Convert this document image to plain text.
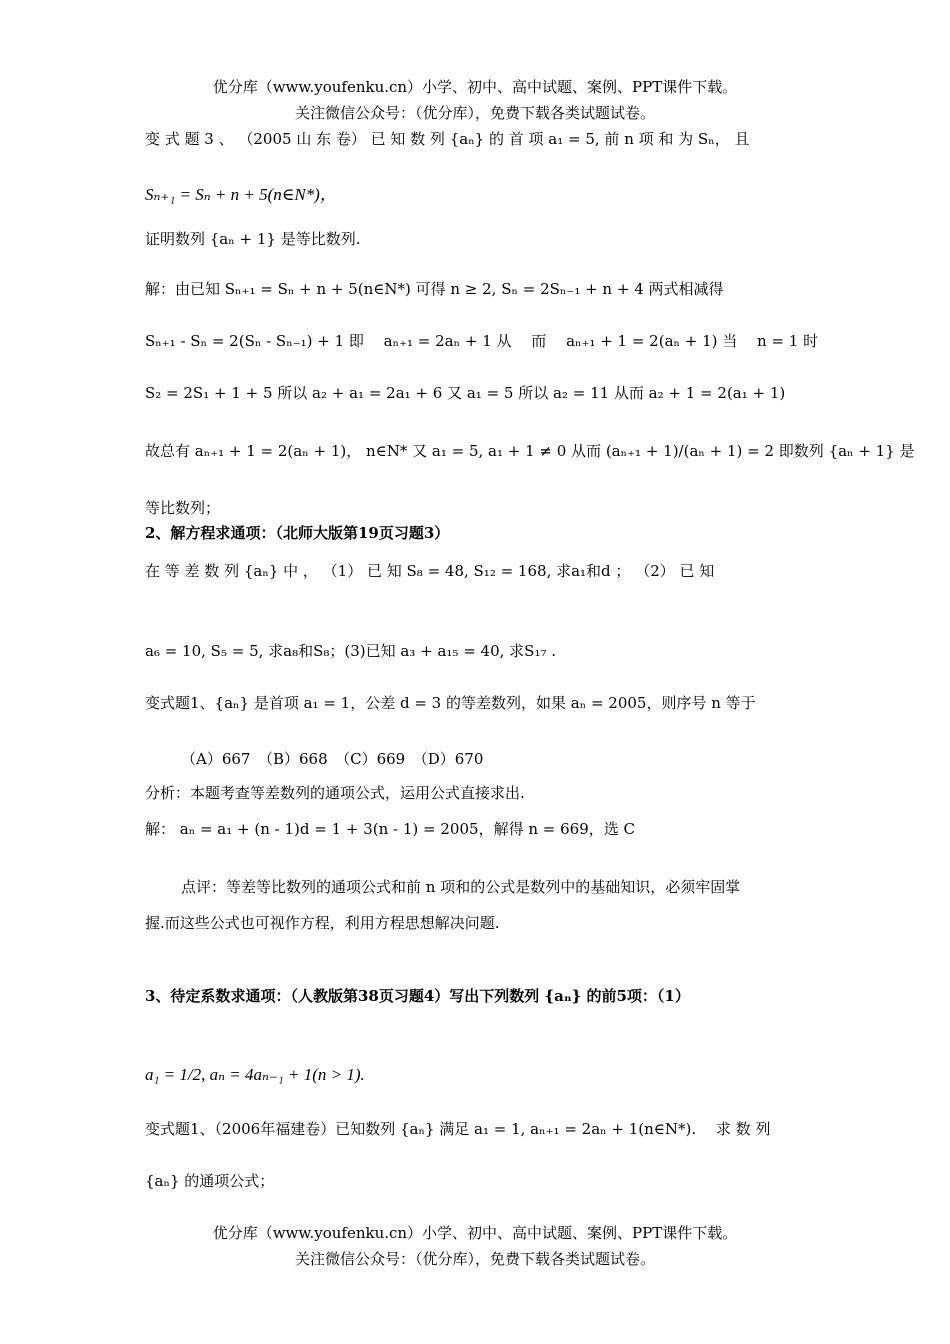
优分库（www.youfenku.cn）小学、初中、高中试题、案例、PPT课件下载。
关注微信公众号：（优分库），免费下载各类试题试卷。
变 式 题 3 、 （2005 山 东 卷） 已 知 数 列 {aₙ} 的 首 项 a₁ = 5, 前 n 项 和 为 Sₙ， 且
Sₙ₊₁ = Sₙ + n + 5(n∈N*)，
证明数列 {aₙ + 1} 是等比数列.
解：由已知 Sₙ₊₁ = Sₙ + n + 5(n∈N*) 可得 n ≥ 2, Sₙ = 2Sₙ₋₁ + n + 4 两式相减得
Sₙ₊₁ - Sₙ = 2(Sₙ - Sₙ₋₁) + 1 即　 aₙ₊₁ = 2aₙ + 1 从　 而　 aₙ₊₁ + 1 = 2(aₙ + 1) 当　 n = 1 时
S₂ = 2S₁ + 1 + 5 所以 a₂ + a₁ = 2a₁ + 6 又 a₁ = 5 所以 a₂ = 11 从而 a₂ + 1 = 2(a₁ + 1)
故总有 aₙ₊₁ + 1 = 2(aₙ + 1)， n∈N* 又 a₁ = 5, a₁ + 1 ≠ 0 从而 (aₙ₊₁ + 1)/(aₙ + 1) = 2 即数列 {aₙ + 1} 是
等比数列；
2、解方程求通项：（北师大版第19页习题3）
在 等 差 数 列 {aₙ} 中 ， （1） 已 知 S₈ = 48, S₁₂ = 168, 求a₁和d ； （2） 已 知
a₆ = 10, S₅ = 5, 求a₈和S₈；(3)已知 a₃ + a₁₅ = 40, 求S₁₇ .
变式题1、{aₙ} 是首项 a₁ = 1，公差 d = 3 的等差数列，如果 aₙ = 2005，则序号 n 等于
（A）667　（B）668　（C）669　（D）670
分析：本题考查等差数列的通项公式，运用公式直接求出.
解： aₙ = a₁ + (n - 1)d = 1 + 3(n - 1) = 2005，解得 n = 669，选 C
点评：等差等比数列的通项公式和前 n 项和的公式是数列中的基础知识，必须牢固掌
握.而这些公式也可视作方程，利用方程思想解决问题.
3、待定系数求通项：（人教版第38页习题4）写出下列数列 {aₙ} 的前5项：（1）
a₁ = 1/2, aₙ = 4aₙ₋₁ + 1(n > 1).
变式题1、（2006年福建卷）已知数列 {aₙ} 满足 a₁ = 1, aₙ₊₁ = 2aₙ + 1(n∈N*).　 求 数 列
{aₙ} 的通项公式；
优分库（www.youfenku.cn）小学、初中、高中试题、案例、PPT课件下载。
关注微信公众号：（优分库），免费下载各类试题试卷。
